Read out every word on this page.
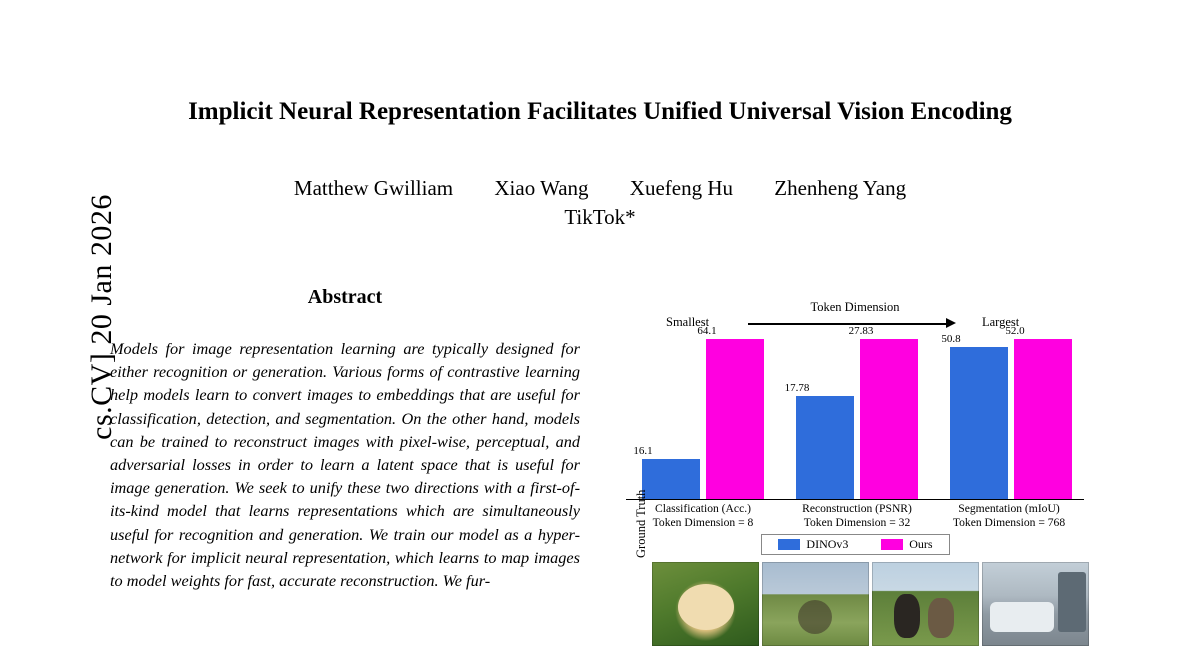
cs.CV] 20 Jan 2026
Implicit Neural Representation Facilitates Unified Universal Vision Encoding
Matthew Gwilliam Xiao Wang Xuefeng Hu Zhenheng Yang
TikTok*
Abstract
Models for image representation learning are typically designed for either recognition or generation. Various forms of contrastive learning help models learn to convert images to embeddings that are useful for classification, detection, and segmentation. On the other hand, models can be trained to reconstruct images with pixel-wise, perceptual, and adversarial losses in order to learn a latent space that is useful for image generation. We seek to unify these two directions with a first-of-its-kind model that learns representations which are simultaneously useful for recognition and generation. We train our model as a hyper-network for implicit neural representation, which learns to map images to model weights for fast, accurate reconstruction. We fur-
Token Dimension
Smallest	Largest
16.1
64.1
17.78
27.83
50.8
52.0
Classification (Acc.)
Token Dimension = 8
Reconstruction (PSNR)
Token Dimension = 32
Segmentation (mIoU)
Token Dimension = 768
DINOv3	Ours
Ground Truth
